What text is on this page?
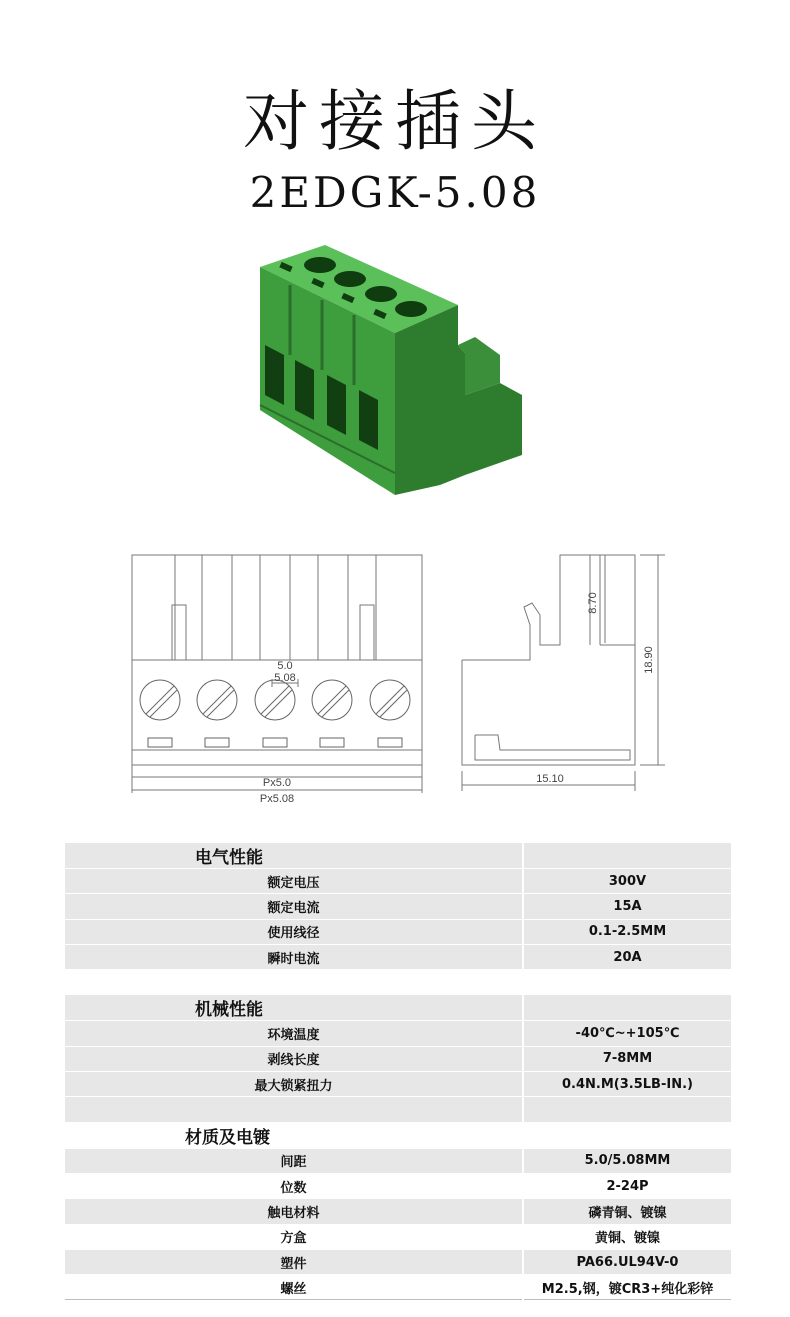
对接插头
2EDGK-5.08
5.0
5.08
Px5.0
Px5.08
8.70
18.90
15.10
电气性能	
额定电压	300V
额定电流	15A
使用线径	0.1-2.5MM
瞬时电流	20A

机械性能	
环境温度	-40℃~+105℃
剥线长度	7-8MM
最大锁紧扭力	0.4N.M(3.5LB-IN.)

材质及电镀	
间距	5.0/5.08MM
位数	2-24P
触电材料	磷青铜、镀镍
方盒	黄铜、镀镍
塑件	PA66.UL94V-0
螺丝	M2.5,钢，镀CR3+纯化彩锌
